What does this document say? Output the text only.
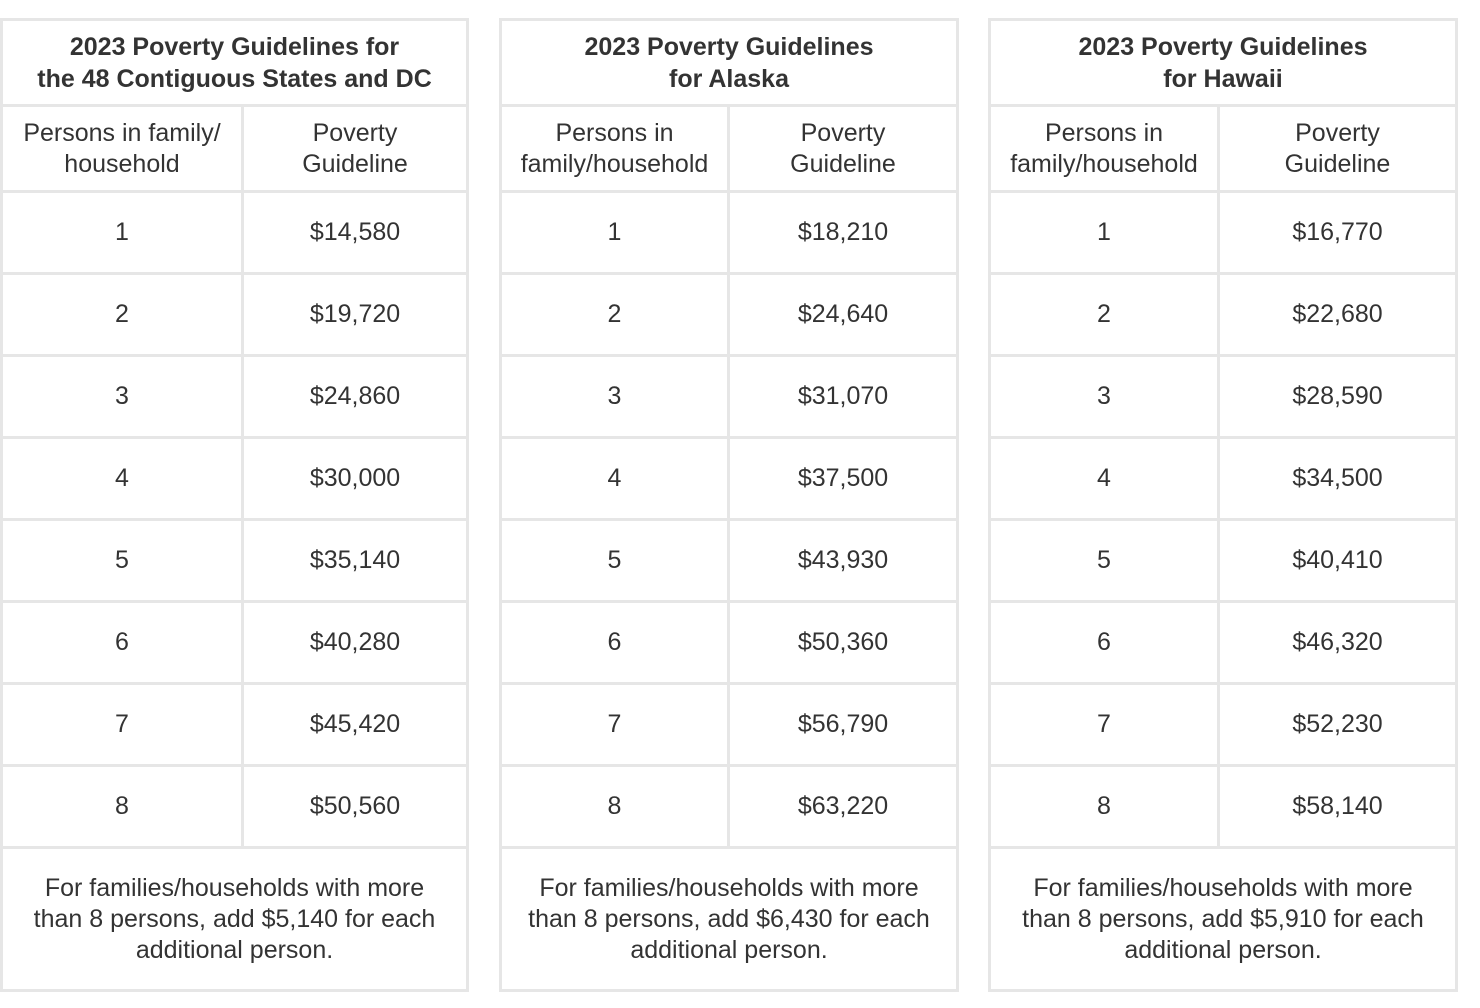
2023 Poverty Guidelines for
the 48 Contiguous States and DC	

Persons in family/
household	Poverty
Guideline

1	$14,580
2	$19,720
3	$24,860
4	$30,000
5	$35,140
6	$40,280
7	$45,420
8	$50,560

For families/households with more
than 8 persons, add $5,140 for each
additional person.	
2023 Poverty Guidelines
for Alaska	

Persons in
family/household	Poverty
Guideline

1	$18,210
2	$24,640
3	$31,070
4	$37,500
5	$43,930
6	$50,360
7	$56,790
8	$63,220

For families/households with more
than 8 persons, add $6,430 for each
additional person.	
2023 Poverty Guidelines
for Hawaii	

Persons in
family/household	Poverty
Guideline

1	$16,770
2	$22,680
3	$28,590
4	$34,500
5	$40,410
6	$46,320
7	$52,230
8	$58,140

For families/households with more
than 8 persons, add $5,910 for each
additional person.	
